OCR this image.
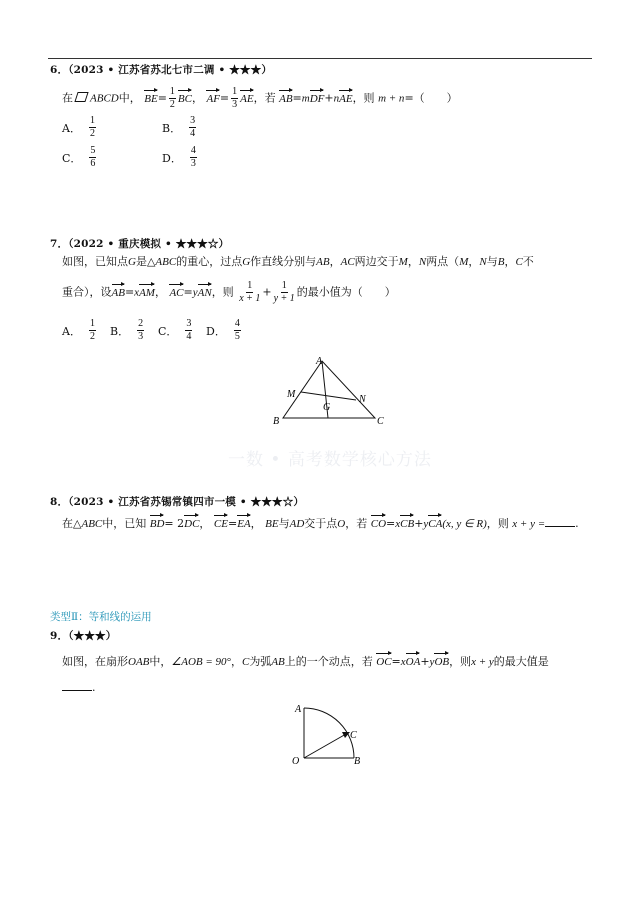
6．（2023 • 江苏省苏北七市二调 • ★★★）
在 ABCD中， $BE= \frac{1}{2}$ BC， $AF= \frac{1}{3}$ AE，若 AB=mDF+nAE，则 m + n=（　　）
A． $\frac{1}{2}$	B． $\frac{3}{4}$
C． $\frac{5}{6}$	D． $\frac{4}{3}$
7．（2022 • 重庆模拟 • ★★★☆）
如图，已知点G是△ABC的重心，过点G作直线分别与AB，AC两边交于M，N两点（M，N与B，C不
重合），设AB=xAM， AC=yAN，则 $\frac{1}{x + 1} + \frac{1}{y + 1}$ 的最小值为（　　）
A． $\frac{1}{2}$ B． $\frac{2}{3}$ C． $\frac{3}{4}$ D． $\frac{4}{5}$
A
B	C
M	N
G
一数 • 高考数学核心方法
8．（2023 • 江苏省苏锡常镇四市一模 • ★★★☆）
在△ABC中，已知 BD= 2DC， CE=EA， BE与AD交于点O，若 CO=xCB+yCA(x, y ∈ R)，则 x + y =	.
类型Ⅱ：等和线的运用
9．（★★★）
如图，在扇形OAB中，∠AOB = 90°，C为弧AB上的一个动点，若 OC=xOA+yOB，则x + y的最大值是
.
A
O	B
C
